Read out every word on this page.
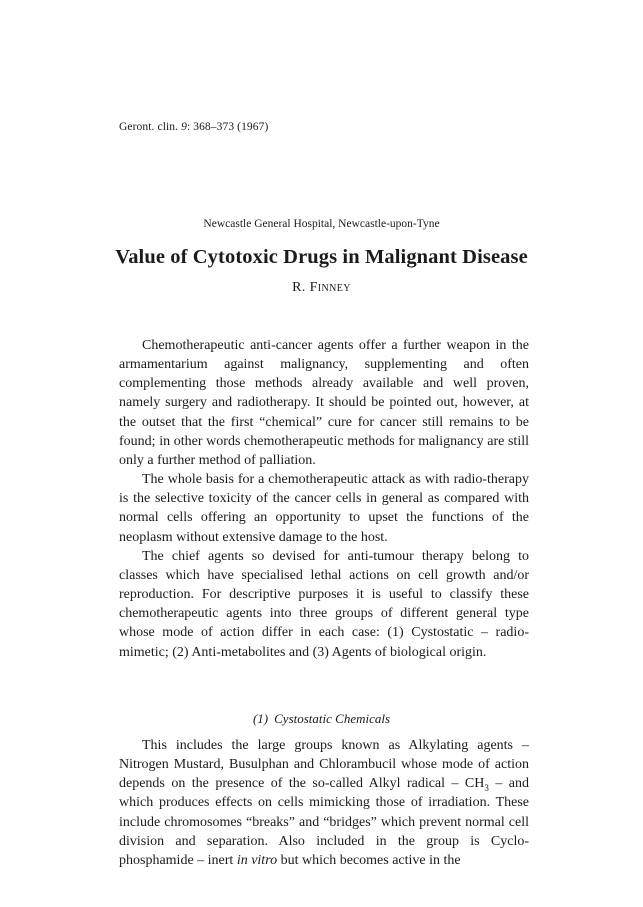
Geront. clin. 9: 368–373 (1967)
Newcastle General Hospital, Newcastle-upon-Tyne
Value of Cytotoxic Drugs in Malignant Disease
R. Finney

Chemotherapeutic anti-cancer agents offer a further weapon in the armamentarium against malignancy, supplementing and often complementing those methods already available and well proven, namely surgery and radiotherapy. It should be pointed out, however, at the outset that the first “chemical” cure for cancer still remains to be found; in other words chemotherapeutic methods for malignancy are still only a further method of palliation.

The whole basis for a chemotherapeutic attack as with radio-therapy is the selective toxicity of the cancer cells in general as compared with normal cells offering an opportunity to upset the functions of the neoplasm without extensive damage to the host.

The chief agents so devised for anti-tumour therapy belong to classes which have specialised lethal actions on cell growth and/or reproduction. For descriptive purposes it is useful to classify these chemotherapeutic agents into three groups of different general type whose mode of action differ in each case: (1) Cystostatic – radio-mimetic; (2) Anti-metabolites and (3) Agents of biological origin.

(1) Cystostatic Chemicals

This includes the large groups known as Alkylating agents – Nitrogen Mustard, Busulphan and Chlorambucil whose mode of action depends on the presence of the so-called Alkyl radical – $CH_3$ – and which produces effects on cells mimicking those of irradiation. These include chromosomes “breaks” and “bridges” which prevent normal cell division and separation. Also included in the group is Cyclo-phosphamide – inert in vitro but which becomes active in the
